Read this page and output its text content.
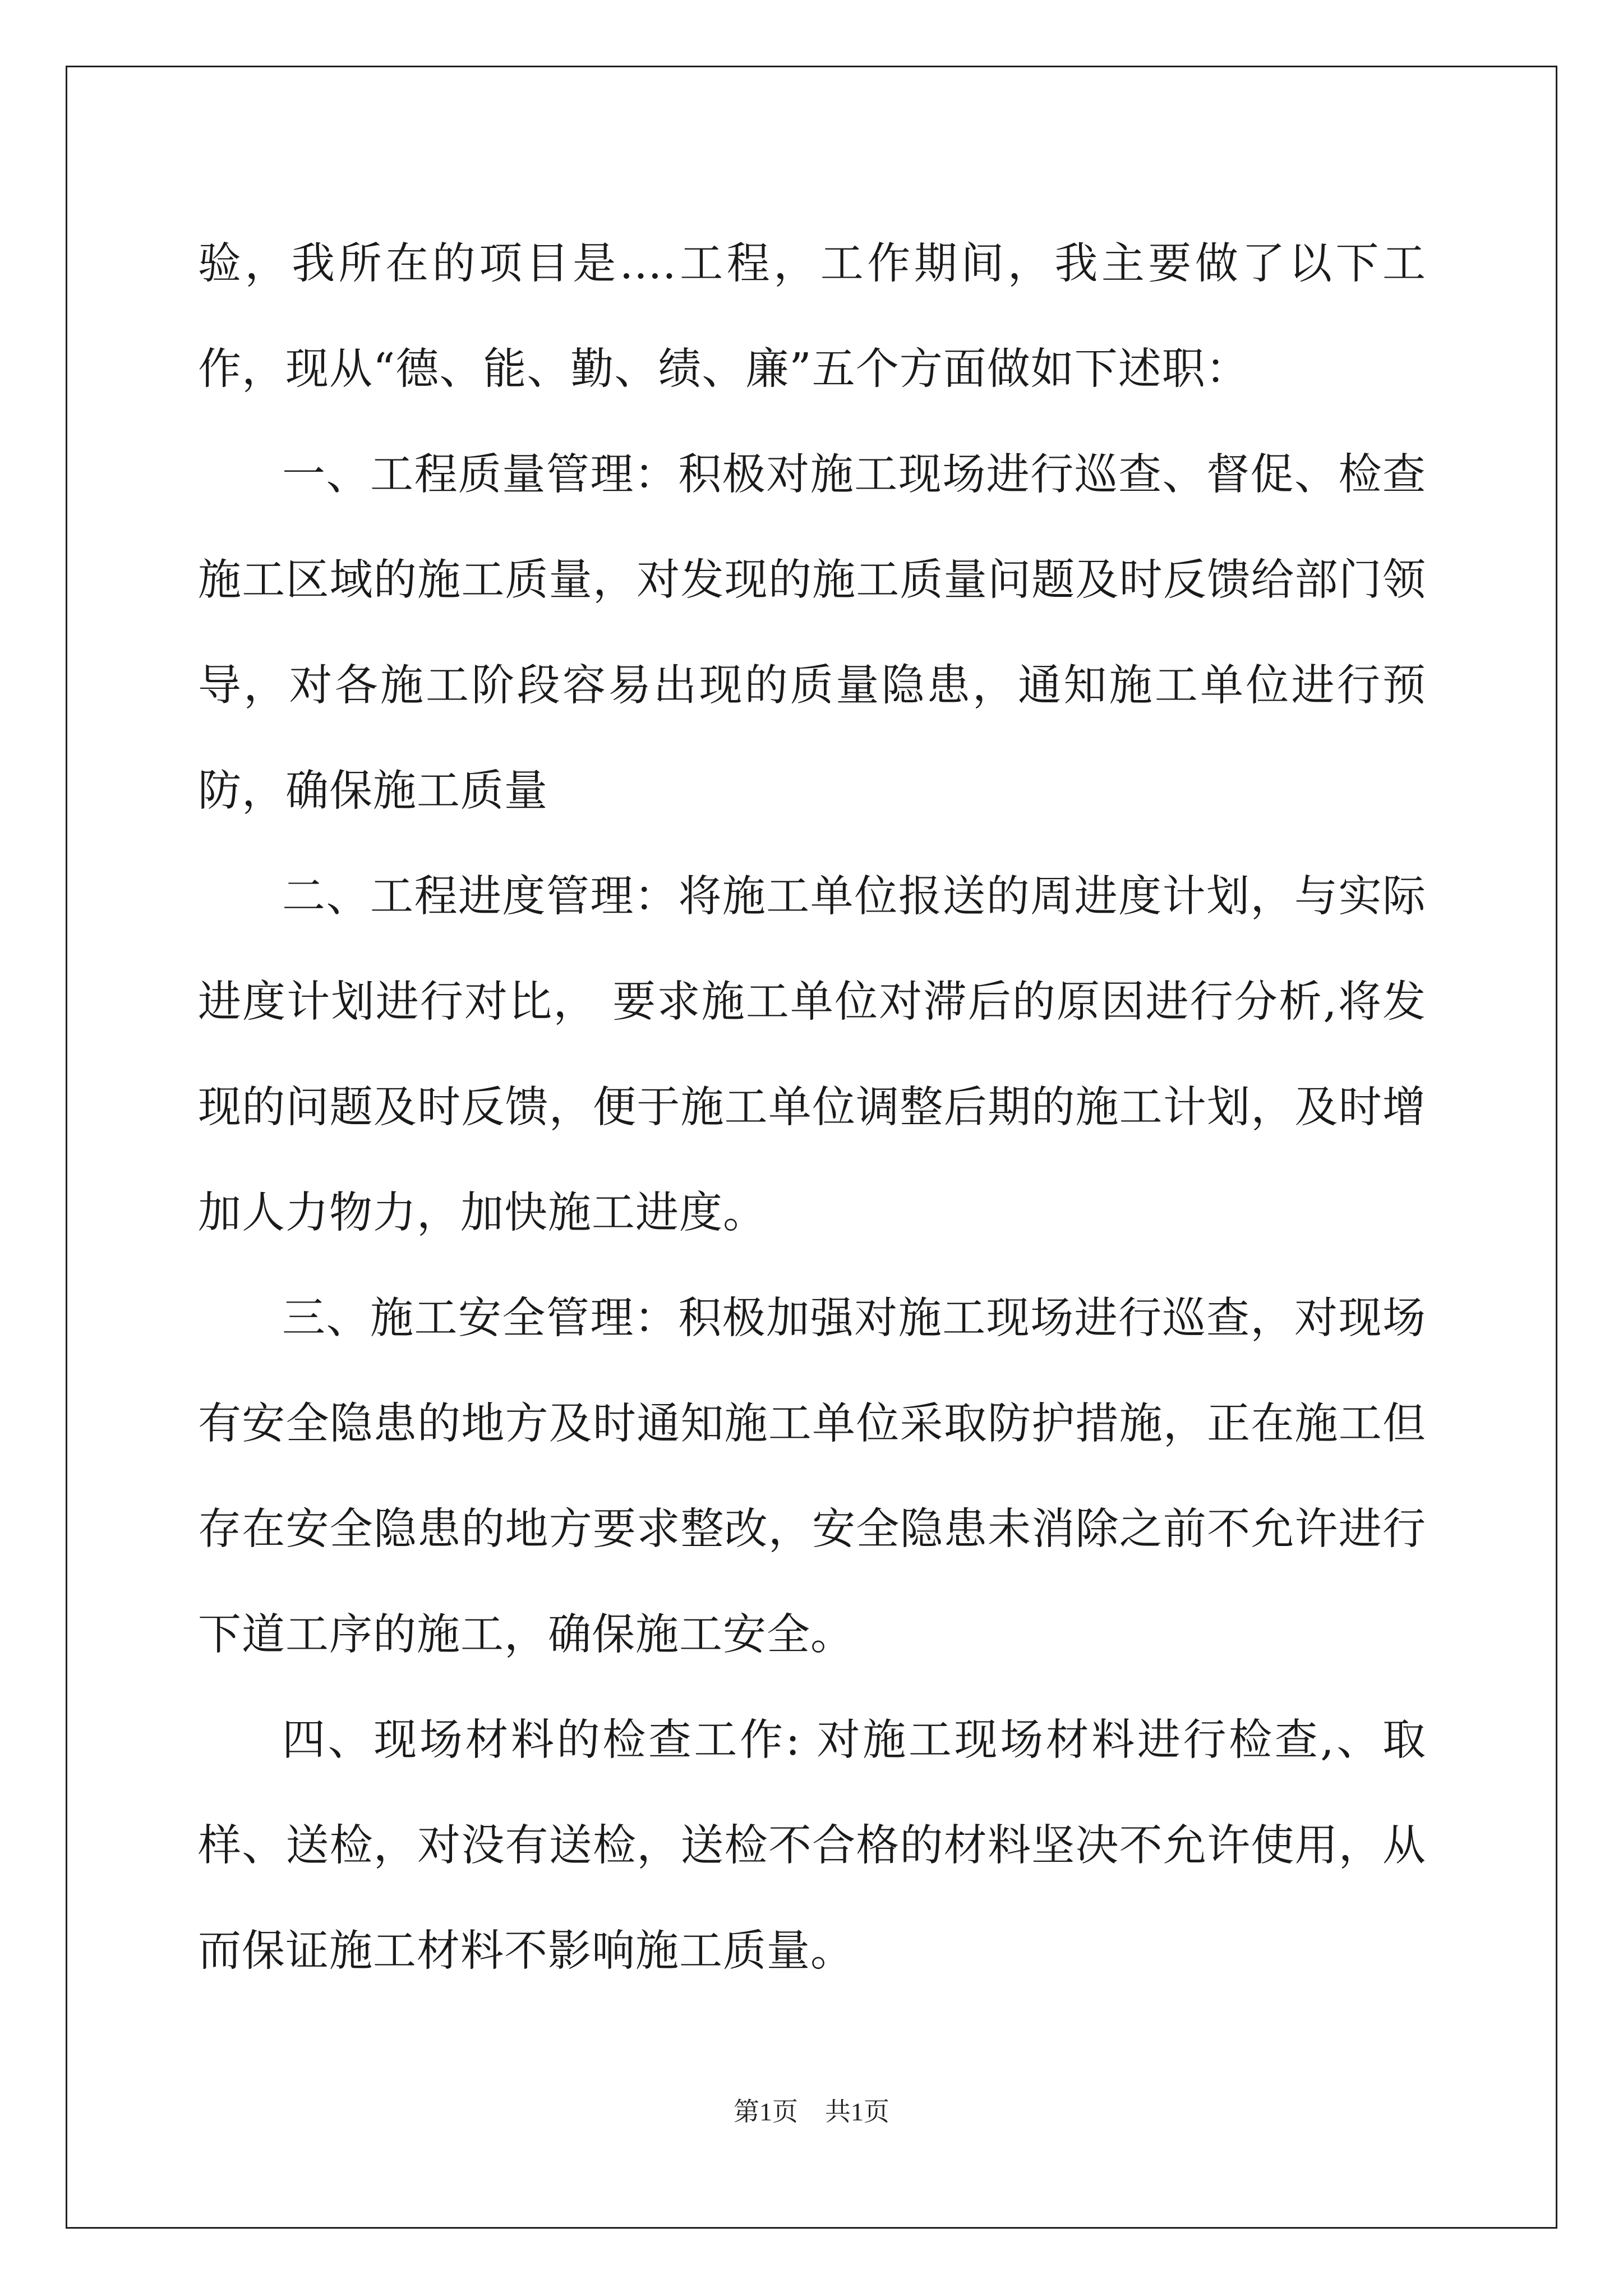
验，我所在的项目是....工程，工作期间，我主要做了以下工作，现从“德、能、勤、绩、廉”五个方面做如下述职：

一、工程质量管理：积极对施工现场进行巡查、督促、检查施工区域的施工质量，对发现的施工质量问题及时反馈给部门领导，对各施工阶段容易出现的质量隐患，通知施工单位进行预防，确保施工质量

二、工程进度管理：将施工单位报送的周进度计划，与实际进度计划进行对比， 要求施工单位对滞后的原因进行分析,将发现的问题及时反馈，便于施工单位调整后期的施工计划，及时增加人力物力，加快施工进度。

三、施工安全管理：积极加强对施工现场进行巡查，对现场有安全隐患的地方及时通知施工单位采取防护措施，正在施工但存在安全隐患的地方要求整改，安全隐患未消除之前不允许进行下道工序的施工，确保施工安全。

四、现场材料的检查工作: 对施工现场材料进行检查,、取样、送检，对没有送检，送检不合格的材料坚决不允许使用，从而保证施工材料不影响施工质量。

第1页 共1页
